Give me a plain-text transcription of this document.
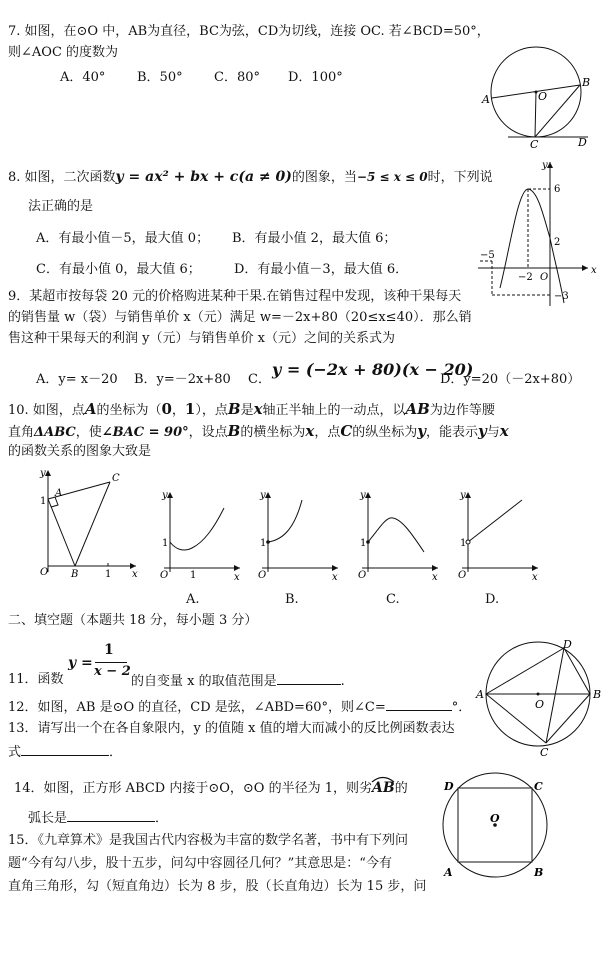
7. 如图，在⊙O 中，AB为直径，BC为弦，CD为切线，连接 OC. 若∠BCD=50°，
则∠AOC 的度数为
A．40° B．50° C．80° D．100°
A	O
B
C	D
8. 如图，二次函数y = ax² + bx + c(a ≠ 0)的图象，当−5 ≤ x ≤ 0时，下列说
法正确的是
A．有最小值－5，最大值 0； B．有最小值 2，最大值 6；
C．有最小值 0，最大值 6；	D．有最小值－3，最大值 6．
y
x
6
2
−5
−2 O
−3
9．某超市按每袋 20 元的价格购进某种干果.在销售过程中发现，该种干果每天
的销售量 w（袋）与销售单价 x（元）满足 w=－2x+80（20≤x≤40）．那么销
售这种干果每天的利润 y（元）与销售单价 x（元）之间的关系式为
A．y= x－20 B．y=－2x+80 C．
y = (−2x + 80)(x − 20)
D．y=20（－2x+80）
10. 如图，点A的坐标为（0，1），点B是x轴正半轴上的一动点，以AB为边作等腰
直角ΔABC，使∠BAC = 90°，设点B的横坐标为x，点C的纵坐标为y，能表示y与x
的函数关系的图象大致是
y
1
A
C
O B	1 x
y
1
O 1	x
y
1
O	x
y
1
O	x
y
1
O	x
A.	B.	C.	D.
二、填空题（本题共 18 分，每小题 3 分）
11．函数
y =
1
x − 2
的自变量 x 的取值范围是	.
12．如图，AB 是⊙O 的直径，CD 是弦，∠ABD=60°，则∠C=	°．
13．请写出一个在各自象限内，y 的值随 x 值的增大而减小的反比例函数表达
式	．
D
A
O
B
C
14．如图，正方形 ABCD 内接于⊙O，⊙O 的半径为 1，则劣AB
的
弧长是	．
D	C
O
A	B
15．《九章算术》是我国古代内容极为丰富的数学名著，书中有下列问
题“今有勾八步，股十五步，问勾中容圆径几何？”其意思是：“今有
直角三角形，勾（短直角边）长为 8 步，股（长直角边）长为 15 步，问
